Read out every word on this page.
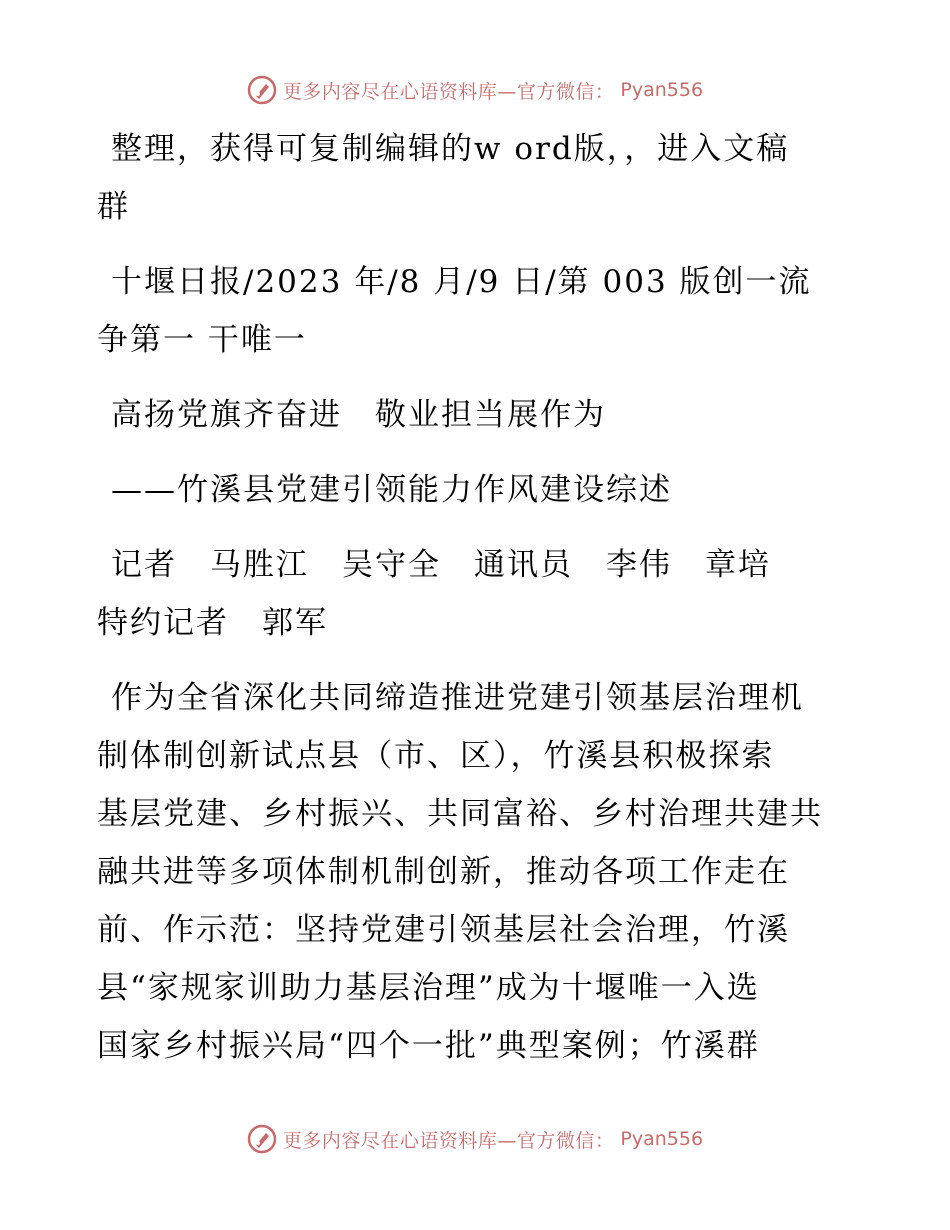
更多内容尽在心语资料库—官方微信： Pyan556
整理，获得可复制编辑的w ord版，，进入文稿
群
十堰日报/2023 年/8 月/9 日/第 003 版创一流
争第一 干唯一
高扬党旗齐奋进　敬业担当展作为
——竹溪县党建引领能力作风建设综述
记者　马胜江　吴守全　通讯员　李伟　章培
特约记者　郭军
作为全省深化共同缔造推进党建引领基层治理机
制体制创新试点县（市、区），竹溪县积极探索
基层党建、乡村振兴、共同富裕、乡村治理共建共
融共进等多项体制机制创新，推动各项工作走在
前、作示范：坚持党建引领基层社会治理，竹溪
县“家规家训助力基层治理”成为十堰唯一入选
国家乡村振兴局“四个一批”典型案例；竹溪群
更多内容尽在心语资料库—官方微信： Pyan556
